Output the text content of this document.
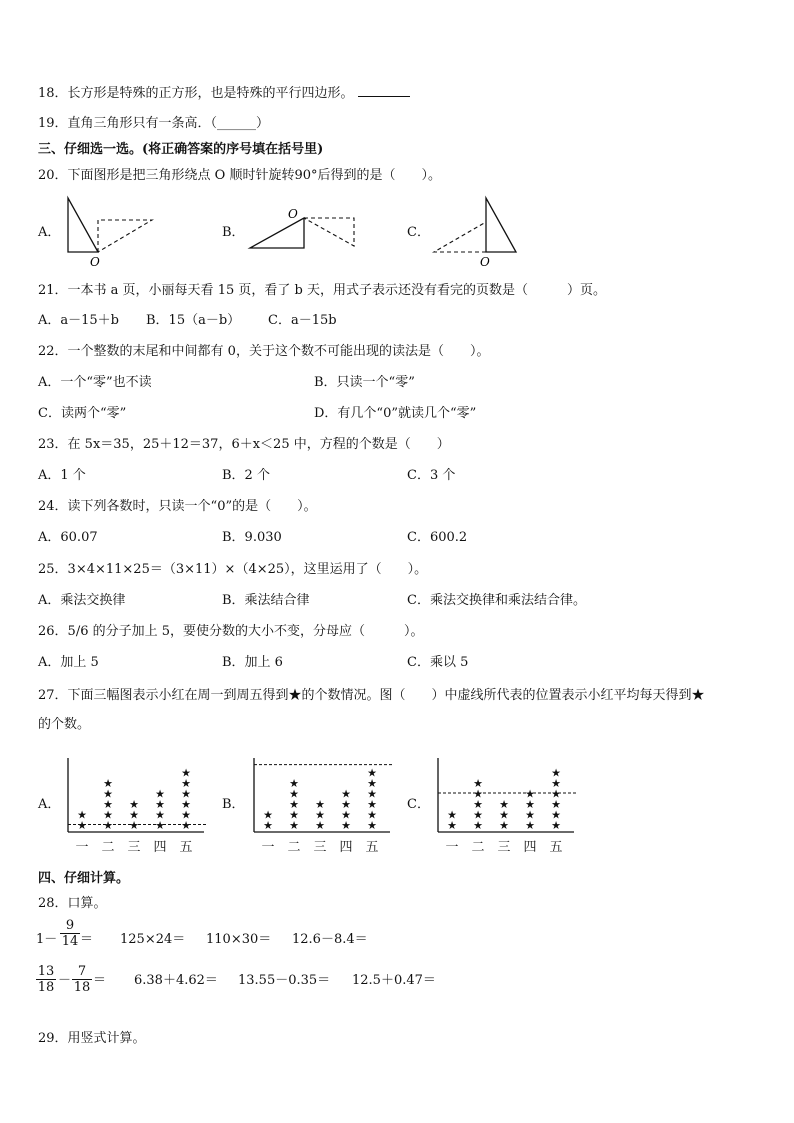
18．长方形是特殊的正方形，也是特殊的平行四边形。
19．直角三角形只有一条高．（______）
三、仔细选一选。(将正确答案的序号填在括号里)
20．下面图形是把三角形绕点 O 顺时针旋转90°后得到的是（　　）。
A．	B．	C．
O
O
O
21．一本书 a 页，小丽每天看 15 页，看了 b 天，用式子表示还没有看完的页数是（　　　）页。
A．a－15＋b B．15（a－b） C．a－15b
22．一个整数的末尾和中间都有 0，关于这个数不可能出现的读法是（　　）。
A．一个“零”也不读	B．只读一个“零”
C．读两个“零”	D．有几个“0”就读几个“零”
23．在 5x＝35，25＋12＝37，6＋x＜25 中，方程的个数是（　　）
A．1 个	B．2 个	C．3 个
24．读下列各数时，只读一个“0”的是（　　）。
A．60.07	B．9.030	C．600.2
25．3×4×11×25＝（3×11）×（4×25），这里运用了（　　）。
A．乘法交换律	B．乘法结合律	C．乘法交换律和乘法结合律。
26．5/6 的分子加上 5，要使分数的大小不变，分母应（　　　）。
A．加上 5	B．加上 6	C．乘以 5
27．下面三幅图表示小红在周一到周五得到★的个数情况。图（　　）中虚线所代表的位置表示小红平均每天得到★
的个数。
A．	B．	C．
★
★
★
★
★
★
★
★
★
★
★
★
★
★
★
★
★
★
★
★
一 二 三 四 五
★
★
★
★
★
★
★
★
★
★
★
★
★
★
★
★
★
★
★
★
一 二 三 四 五
★
★
★
★
★
★
★
★
★
★
★
★
★
★
★
★
★
★
★
★
一 二 三 四 五
四、仔细计算。
28．口算。
$1- \frac{9}{14} = 125\times 24= 110\times 30= 12.6-8.4=$
$\frac{13}{18} - \frac{7}{18} = 6.38+4.62= 13.55-0.35= 12.5+0.47=$
29．用竖式计算。
